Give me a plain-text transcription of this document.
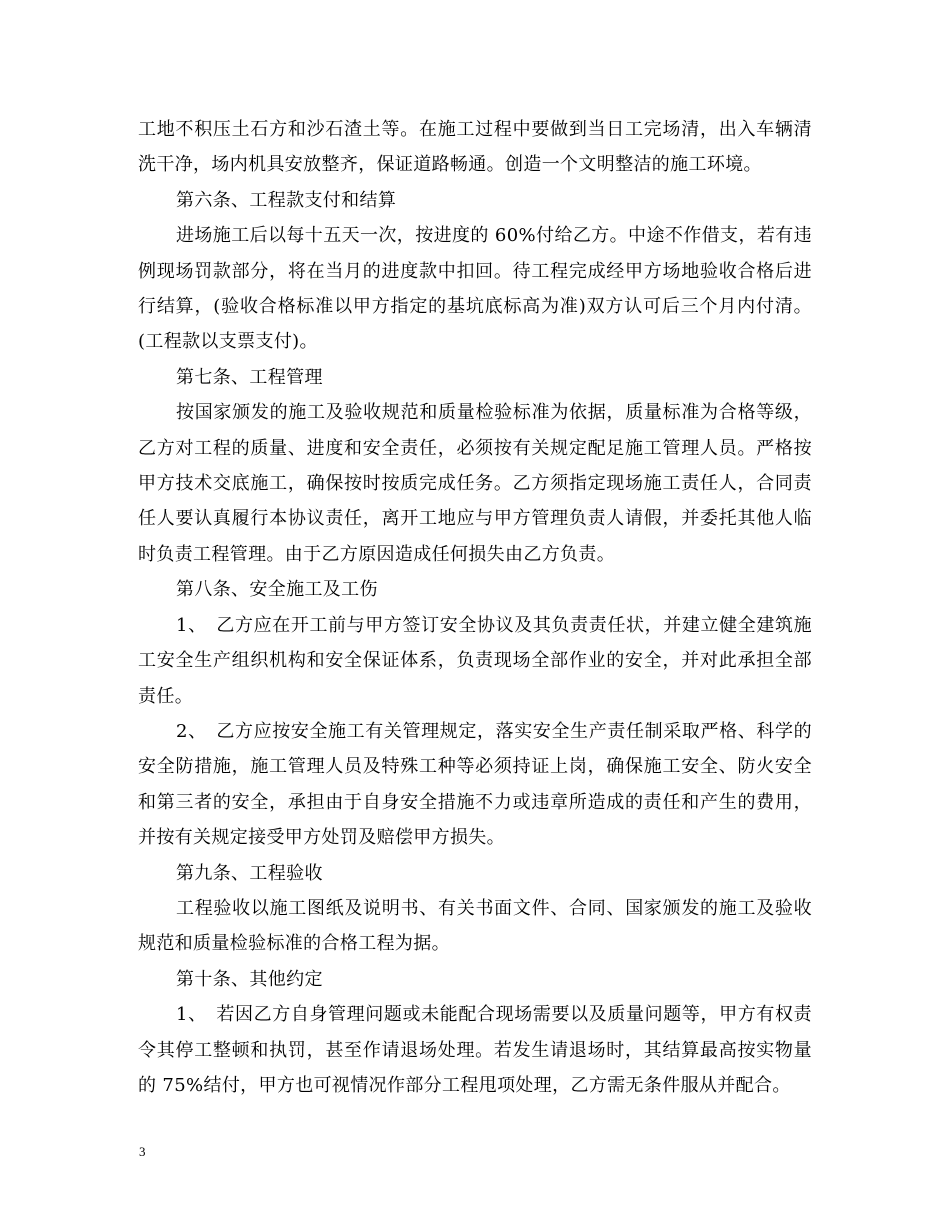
工地不积压土石方和沙石渣土等。在施工过程中要做到当日工完场清，出入车辆清洗干净，场内机具安放整齐，保证道路畅通。创造一个文明整洁的施工环境。

第六条、工程款支付和结算

进场施工后以每十五天一次，按进度的 60%付给乙方。中途不作借支，若有违例现场罚款部分，将在当月的进度款中扣回。待工程完成经甲方场地验收合格后进行结算，(验收合格标准以甲方指定的基坑底标高为准)双方认可后三个月内付清。(工程款以支票支付)。

第七条、工程管理

按国家颁发的施工及验收规范和质量检验标准为依据，质量标准为合格等级，乙方对工程的质量、进度和安全责任，必须按有关规定配足施工管理人员。严格按甲方技术交底施工，确保按时按质完成任务。乙方须指定现场施工责任人，合同责任人要认真履行本协议责任，离开工地应与甲方管理负责人请假，并委托其他人临时负责工程管理。由于乙方原因造成任何损失由乙方负责。

第八条、安全施工及工伤

1、　乙方应在开工前与甲方签订安全协议及其负责责任状，并建立健全建筑施工安全生产组织机构和安全保证体系，负责现场全部作业的安全，并对此承担全部责任。

2、　乙方应按安全施工有关管理规定，落实安全生产责任制采取严格、科学的安全防措施，施工管理人员及特殊工种等必须持证上岗，确保施工安全、防火安全和第三者的安全，承担由于自身安全措施不力或违章所造成的责任和产生的费用，并按有关规定接受甲方处罚及赔偿甲方损失。

第九条、工程验收

工程验收以施工图纸及说明书、有关书面文件、合同、国家颁发的施工及验收规范和质量检验标准的合格工程为据。

第十条、其他约定

1、　若因乙方自身管理问题或未能配合现场需要以及质量问题等，甲方有权责令其停工整顿和执罚，甚至作请退场处理。若发生请退场时，其结算最高按实物量的 75%结付，甲方也可视情况作部分工程甩项处理，乙方需无条件服从并配合。

3
